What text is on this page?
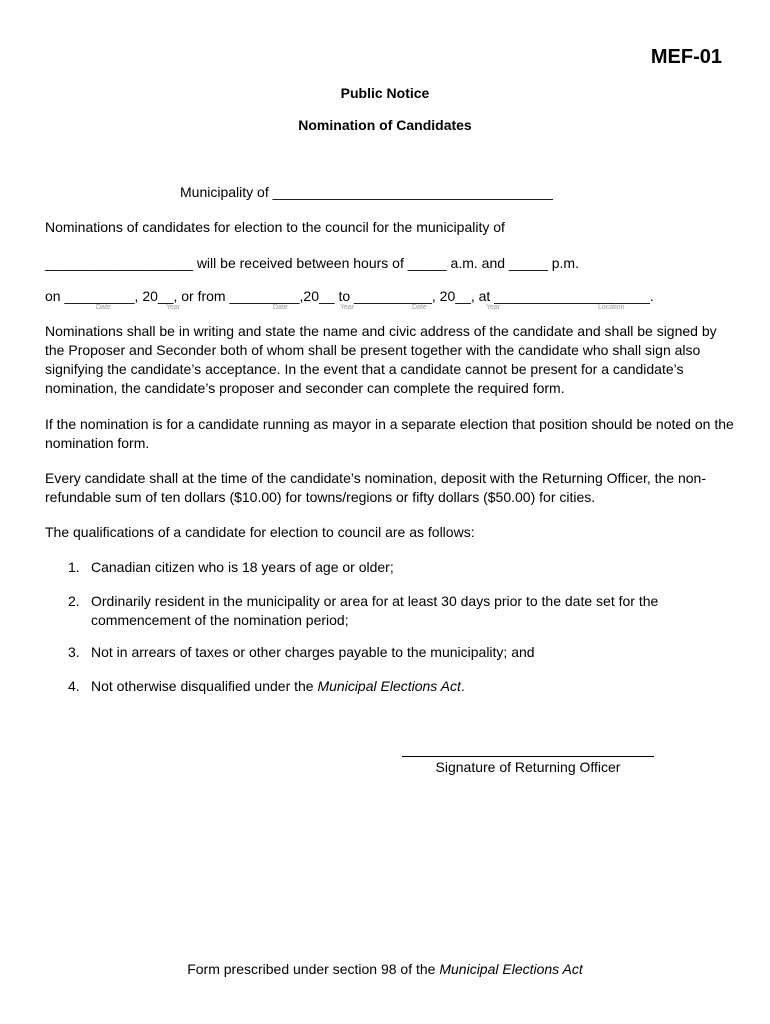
MEF-01
Public Notice
Nomination of Candidates
Municipality of ____________________________________
Nominations of candidates for election to the council for the municipality of
___________________ will be received between hours of _____ a.m. and _____ p.m.
on _________, 20__, or from _________,20__ to __________, 20__, at ____________________.
Date	Year	Date	Year	Date	Year	Location
Nominations shall be in writing and state the name and civic address of the candidate and shall be signed by the Proposer and Seconder both of whom shall be present together with the candidate who shall sign also signifying the candidate’s acceptance. In the event that a candidate cannot be present for a candidate’s nomination, the candidate’s proposer and seconder can complete the required form.
If the nomination is for a candidate running as mayor in a separate election that position should be noted on the nomination form.
Every candidate shall at the time of the candidate’s nomination, deposit with the Returning Officer, the non-refundable sum of ten dollars ($10.00) for towns/regions or fifty dollars ($50.00) for cities.
The qualifications of a candidate for election to council are as follows:
1. Canadian citizen who is 18 years of age or older;
2. Ordinarily resident in the municipality or area for at least 30 days prior to the date set for the commencement of the nomination period;
3. Not in arrears of taxes or other charges payable to the municipality; and
4. Not otherwise disqualified under the Municipal Elections Act.
Signature of Returning Officer
Form prescribed under section 98 of the Municipal Elections Act
